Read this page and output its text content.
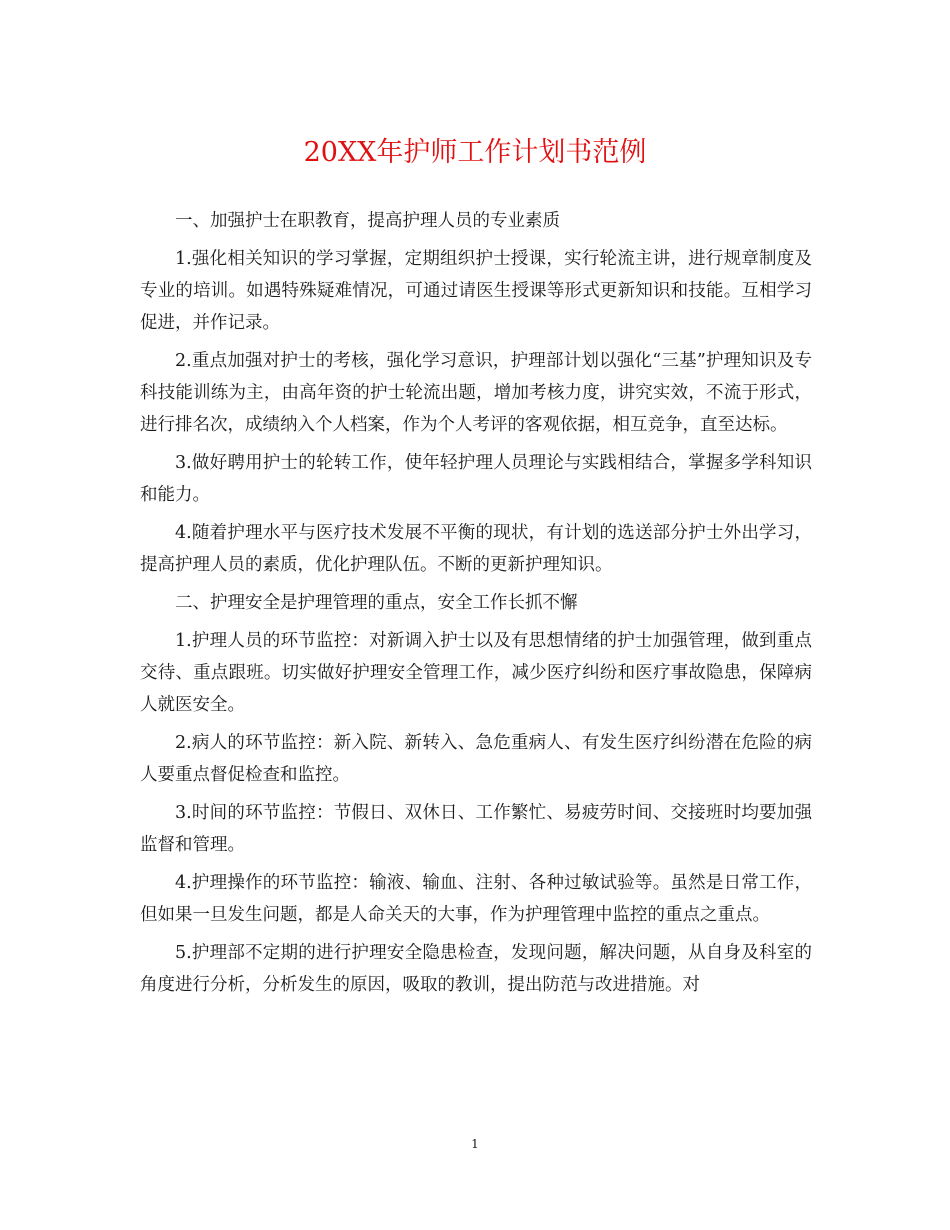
20XX年护师工作计划书范例

一、加强护士在职教育，提高护理人员的专业素质

1.强化相关知识的学习掌握，定期组织护士授课，实行轮流主讲，进行规章制度及专业的培训。如遇特殊疑难情况，可通过请医生授课等形式更新知识和技能。互相学习促进，并作记录。

2.重点加强对护士的考核，强化学习意识，护理部计划以强化“三基”护理知识及专科技能训练为主，由高年资的护士轮流出题，增加考核力度，讲究实效，不流于形式，进行排名次，成绩纳入个人档案，作为个人考评的客观依据，相互竞争，直至达标。

3.做好聘用护士的轮转工作，使年轻护理人员理论与实践相结合，掌握多学科知识和能力。

4.随着护理水平与医疗技术发展不平衡的现状，有计划的选送部分护士外出学习，提高护理人员的素质，优化护理队伍。不断的更新护理知识。

二、护理安全是护理管理的重点，安全工作长抓不懈

1.护理人员的环节监控：对新调入护士以及有思想情绪的护士加强管理，做到重点交待、重点跟班。切实做好护理安全管理工作，减少医疗纠纷和医疗事故隐患，保障病人就医安全。

2.病人的环节监控：新入院、新转入、急危重病人、有发生医疗纠纷潜在危险的病人要重点督促检查和监控。

3.时间的环节监控：节假日、双休日、工作繁忙、易疲劳时间、交接班时均要加强监督和管理。

4.护理操作的环节监控：输液、输血、注射、各种过敏试验等。虽然是日常工作，但如果一旦发生问题，都是人命关天的大事，作为护理管理中监控的重点之重点。

5.护理部不定期的进行护理安全隐患检查，发现问题，解决问题，从自身及科室的角度进行分析，分析发生的原因，吸取的教训，提出防范与改进措施。对

1
